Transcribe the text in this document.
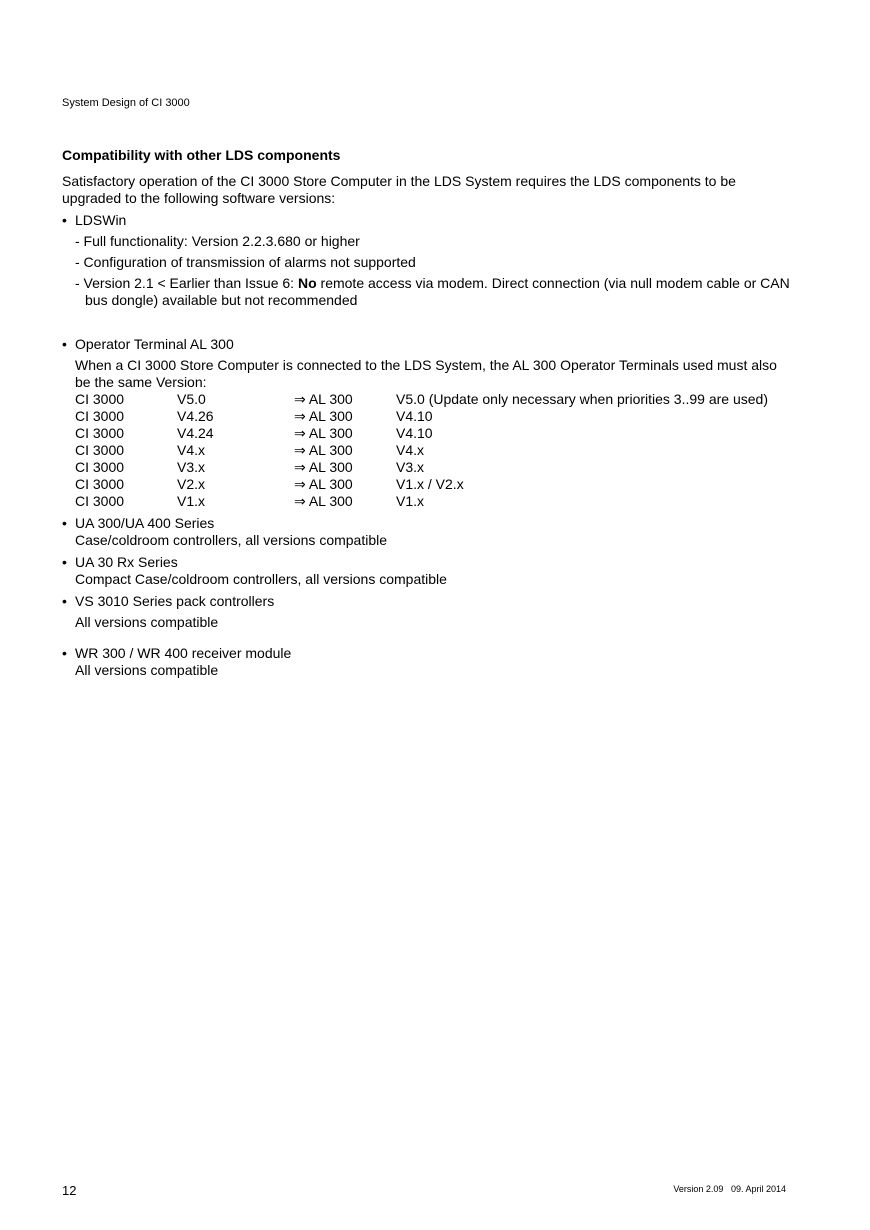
System Design of CI 3000
Compatibility with other LDS components

Satisfactory operation of the CI 3000 Store Computer in the LDS System requires the LDS components to be upgraded to the following software versions:

• LDSWin
- Full functionality: Version 2.2.3.680 or higher
- Configuration of transmission of alarms not supported
- Version 2.1 < Earlier than Issue 6: No remote access via modem. Direct connection (via null modem cable or CAN bus dongle) available but not recommended
• Operator Terminal AL 300
When a CI 3000 Store Computer is connected to the LDS System, the AL 300 Operator Terminals used must also be the same Version:
CI 3000	V5.0	⇒ AL 300	V5.0 (Update only necessary when priorities 3..99 are used)
CI 3000	V4.26	⇒ AL 300	V4.10
CI 3000	V4.24	⇒ AL 300	V4.10
CI 3000	V4.x	⇒ AL 300	V4.x
CI 3000	V3.x	⇒ AL 300	V3.x
CI 3000	V2.x	⇒ AL 300	V1.x / V2.x
CI 3000	V1.x	⇒ AL 300	V1.x
• UA 300/UA 400 Series
Case/coldroom controllers, all versions compatible
• UA 30 Rx Series
Compact Case/coldroom controllers, all versions compatible
• VS 3010 Series pack controllers
All versions compatible
• WR 300 / WR 400 receiver module
All versions compatible
12	Version 2.09   09. April 2014
